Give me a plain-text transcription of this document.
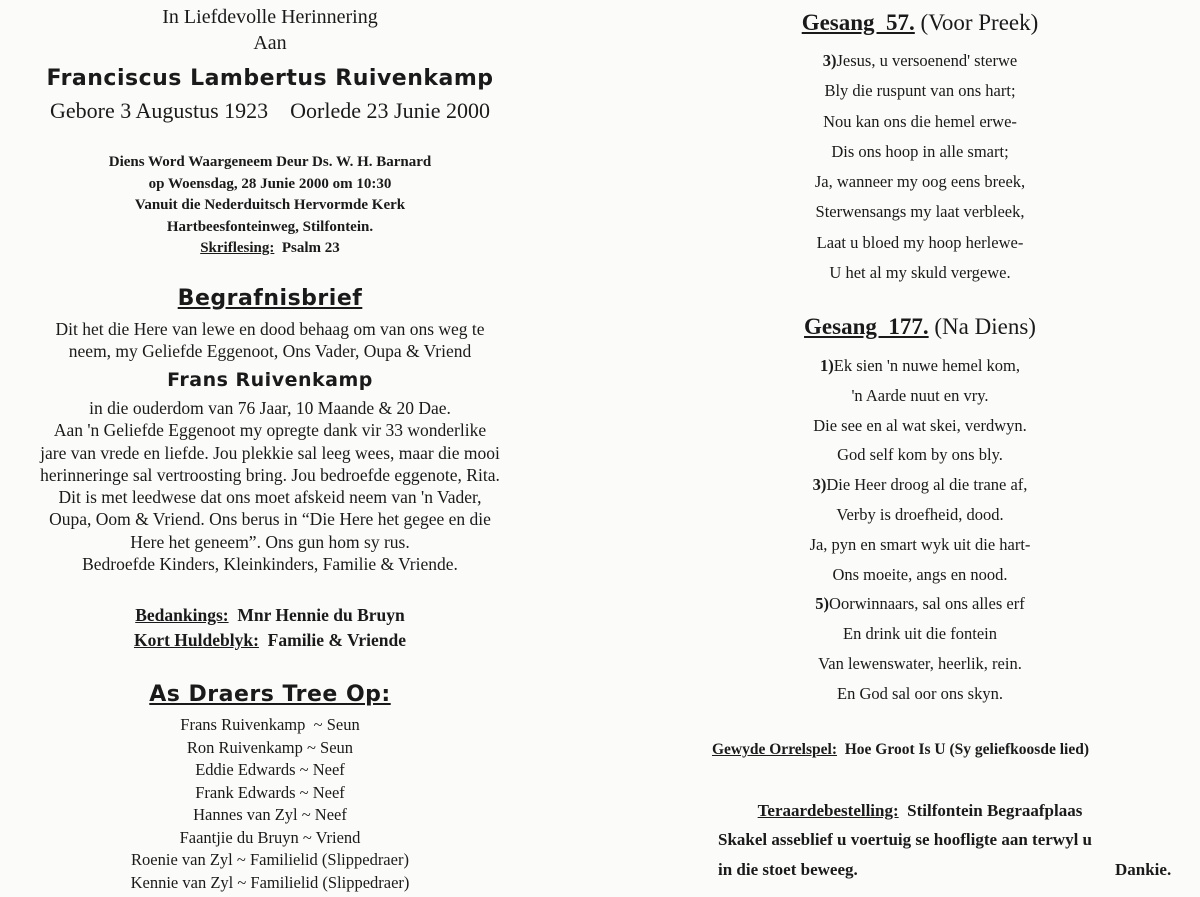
In Liefdevolle Herinnering
Aan
Franciscus Lambertus Ruivenkamp
Gebore 3 Augustus 1923    Oorlede 23 Junie 2000
Diens Word Waargeneem Deur Ds. W. H. Barnard
op Woensdag, 28 Junie 2000 om 10:30
Vanuit die Nederduitsch Hervormde Kerk
Hartbeesfonteinweg, Stilfontein.
Skriflesing: Psalm 23
Begrafnisbrief
Dit het die Here van lewe en dood behaag om van ons weg te
neem, my Geliefde Eggenoot, Ons Vader, Oupa & Vriend
Frans Ruivenkamp
in die ouderdom van 76 Jaar, 10 Maande & 20 Dae.
Aan 'n Geliefde Eggenoot my opregte dank vir 33 wonderlike
jare van vrede en liefde. Jou plekkie sal leeg wees, maar die mooi
herinneringe sal vertroosting bring. Jou bedroefde eggenote, Rita.
Dit is met leedwese dat ons moet afskeid neem van 'n Vader,
Oupa, Oom & Vriend. Ons berus in “Die Here het gegee en die
Here het geneem”. Ons gun hom sy rus.
Bedroefde Kinders, Kleinkinders, Familie & Vriende.
Bedankings: Mnr Hennie du Bruyn
Kort Huldeblyk: Familie & Vriende
As Draers Tree Op:
Frans Ruivenkamp  ~ Seun
Ron Ruivenkamp ~ Seun
Eddie Edwards ~ Neef
Frank Edwards ~ Neef
Hannes van Zyl ~ Neef
Faantjie du Bruyn ~ Vriend
Roenie van Zyl ~ Familielid (Slippedraer)
Kennie van Zyl ~ Familielid (Slippedraer)
Gesang  57. (Voor Preek)
3)Jesus, u versoenend' sterwe
Bly die ruspunt van ons hart;
Nou kan ons die hemel erwe-
Dis ons hoop in alle smart;
Ja, wanneer my oog eens breek,
Sterwensangs my laat verbleek,
Laat u bloed my hoop herlewe-
U het al my skuld vergewe.
Gesang  177. (Na Diens)
1)Ek sien 'n nuwe hemel kom,
'n Aarde nuut en vry.
Die see en al wat skei, verdwyn.
God self kom by ons bly.
3)Die Heer droog al die trane af,
Verby is droefheid, dood.
Ja, pyn en smart wyk uit die hart-
Ons moeite, angs en nood.
5)Oorwinnaars, sal ons alles erf
En drink uit die fontein
Van lewenswater, heerlik, rein.
En God sal oor ons skyn.
Gewyde Orrelspel: Hoe Groot Is U (Sy geliefkoosde lied)
Teraardebestelling: Stilfontein Begraafplaas
Skakel asseblief u voertuig se hoofligte aan terwyl u
in die stoet beweeg.	Dankie.
